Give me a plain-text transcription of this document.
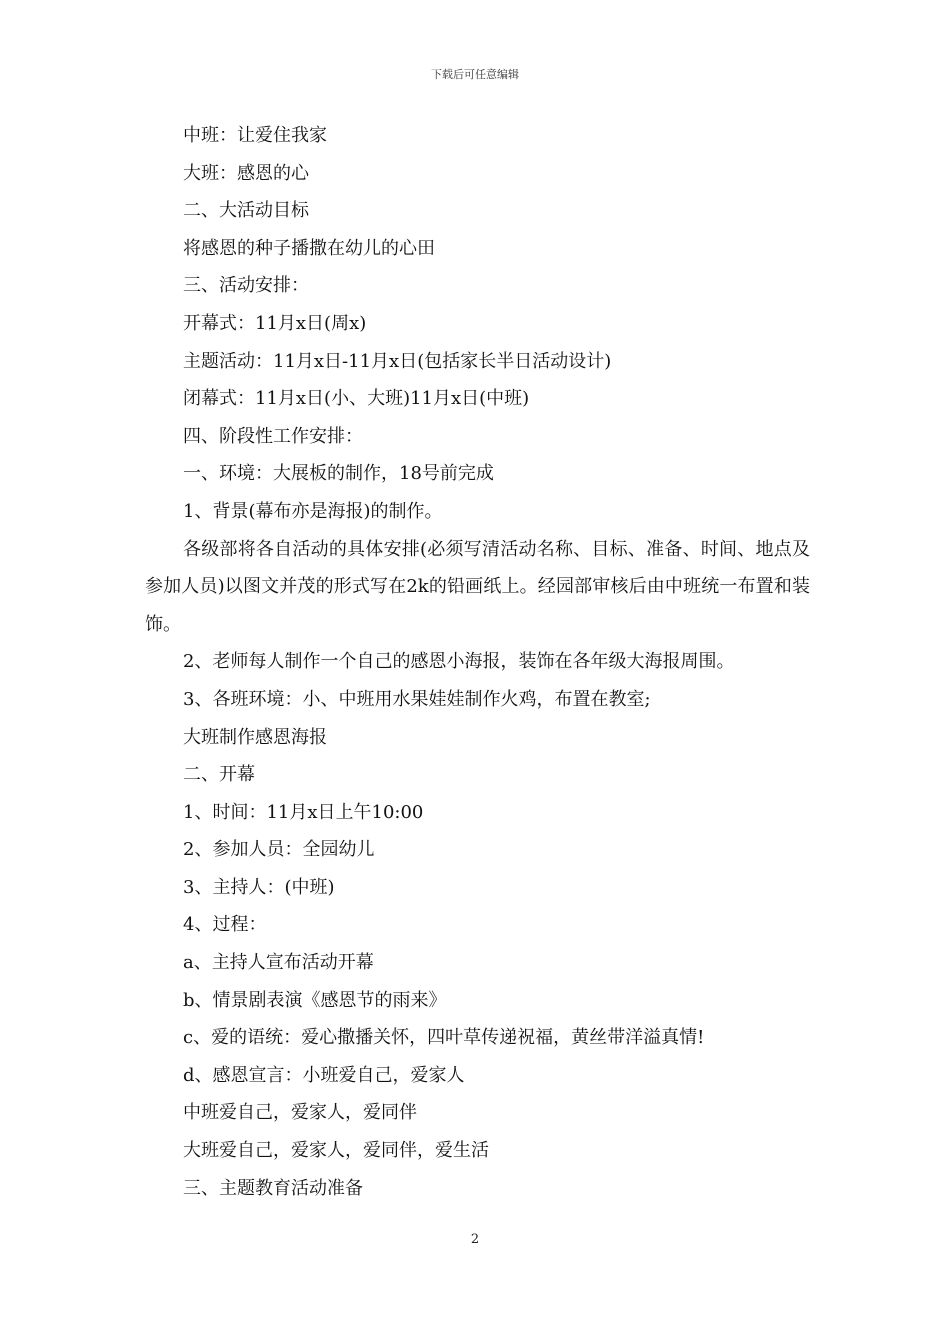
下载后可任意编辑
中班：让爱住我家
大班：感恩的心
二、大活动目标
将感恩的种子播撒在幼儿的心田
三、活动安排：
开幕式：11月x日(周x)
主题活动：11月x日-11月x日(包括家长半日活动设计)
闭幕式：11月x日(小、大班)11月x日(中班)
四、阶段性工作安排：
一、环境：大展板的制作，18号前完成
1、背景(幕布亦是海报)的制作。
各级部将各自活动的具体安排(必须写清活动名称、目标、准备、时间、地点及参加人员)以图文并茂的形式写在2k的铅画纸上。经园部审核后由中班统一布置和装饰。
2、老师每人制作一个自己的感恩小海报，装饰在各年级大海报周围。
3、各班环境：小、中班用水果娃娃制作火鸡，布置在教室;
大班制作感恩海报
二、开幕
1、时间：11月x日上午10:00
2、参加人员：全园幼儿
3、主持人：(中班)
4、过程：
a、主持人宣布活动开幕
b、情景剧表演《感恩节的雨来》
c、爱的语统：爱心撒播关怀，四叶草传递祝福，黄丝带洋溢真情!
d、感恩宣言：小班爱自己，爱家人
中班爱自己，爱家人，爱同伴
大班爱自己，爱家人，爱同伴，爱生活
三、主题教育活动准备
2
